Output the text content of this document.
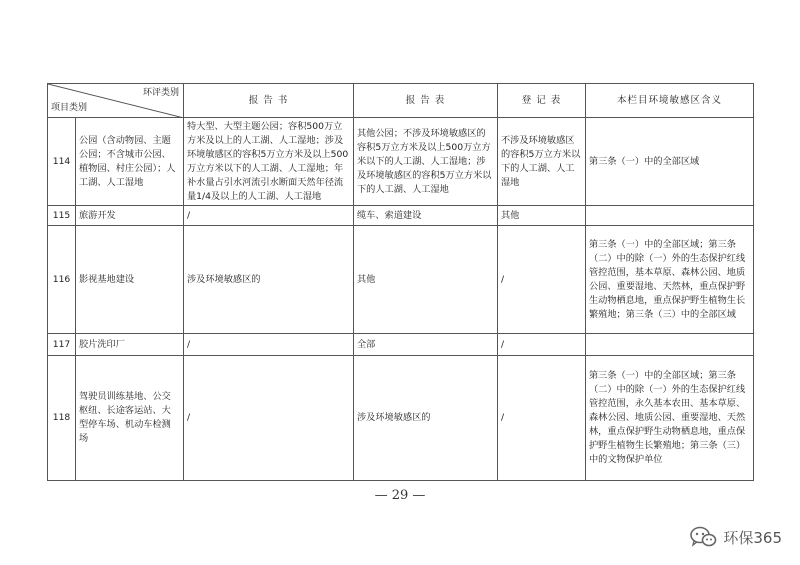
环评类别
项目类别		报 告 书	报 告 表	登 记 表	本栏目环境敏感区含义
114	公园（含动物园、主题公园；不含城市公园、植物园、村庄公园）；人工湖、人工湿地	特大型、大型主题公园；容积500万立方米及以上的人工湖、人工湿地；涉及环境敏感区的容积5万立方米及以上500万立方米以下的人工湖、人工湿地；年补水量占引水河流引水断面天然年径流量1/4及以上的人工湖、人工湿地	其他公园；不涉及环境敏感区的容积5万立方米及以上500万立方米以下的人工湖、人工湿地；涉及环境敏感区的容积5万立方米以下的人工湖、人工湿地	不涉及环境敏感区的容积5万立方米以下的人工湖、人工湿地	第三条（一）中的全部区域
115	旅游开发	/	缆车、索道建设	其他	
116	影视基地建设	涉及环境敏感区的	其他	/	第三条（一）中的全部区域；第三条（二）中的除（一）外的生态保护红线管控范围，基本草原、森林公园、地质公园、重要湿地、天然林，重点保护野生动物栖息地，重点保护野生植物生长繁殖地；第三条（三）中的全部区域
117	胶片洗印厂	/	全部	/	
118	驾驶员训练基地、公交枢纽、长途客运站、大型停车场、机动车检测场	/	涉及环境敏感区的	/	第三条（一）中的全部区域；第三条（二）中的除（一）外的生态保护红线管控范围，永久基本农田、基本草原、森林公园、地质公园、重要湿地、天然林，重点保护野生动物栖息地，重点保护野生植物生长繁殖地；第三条（三）中的文物保护单位
— 29 —
环保365
